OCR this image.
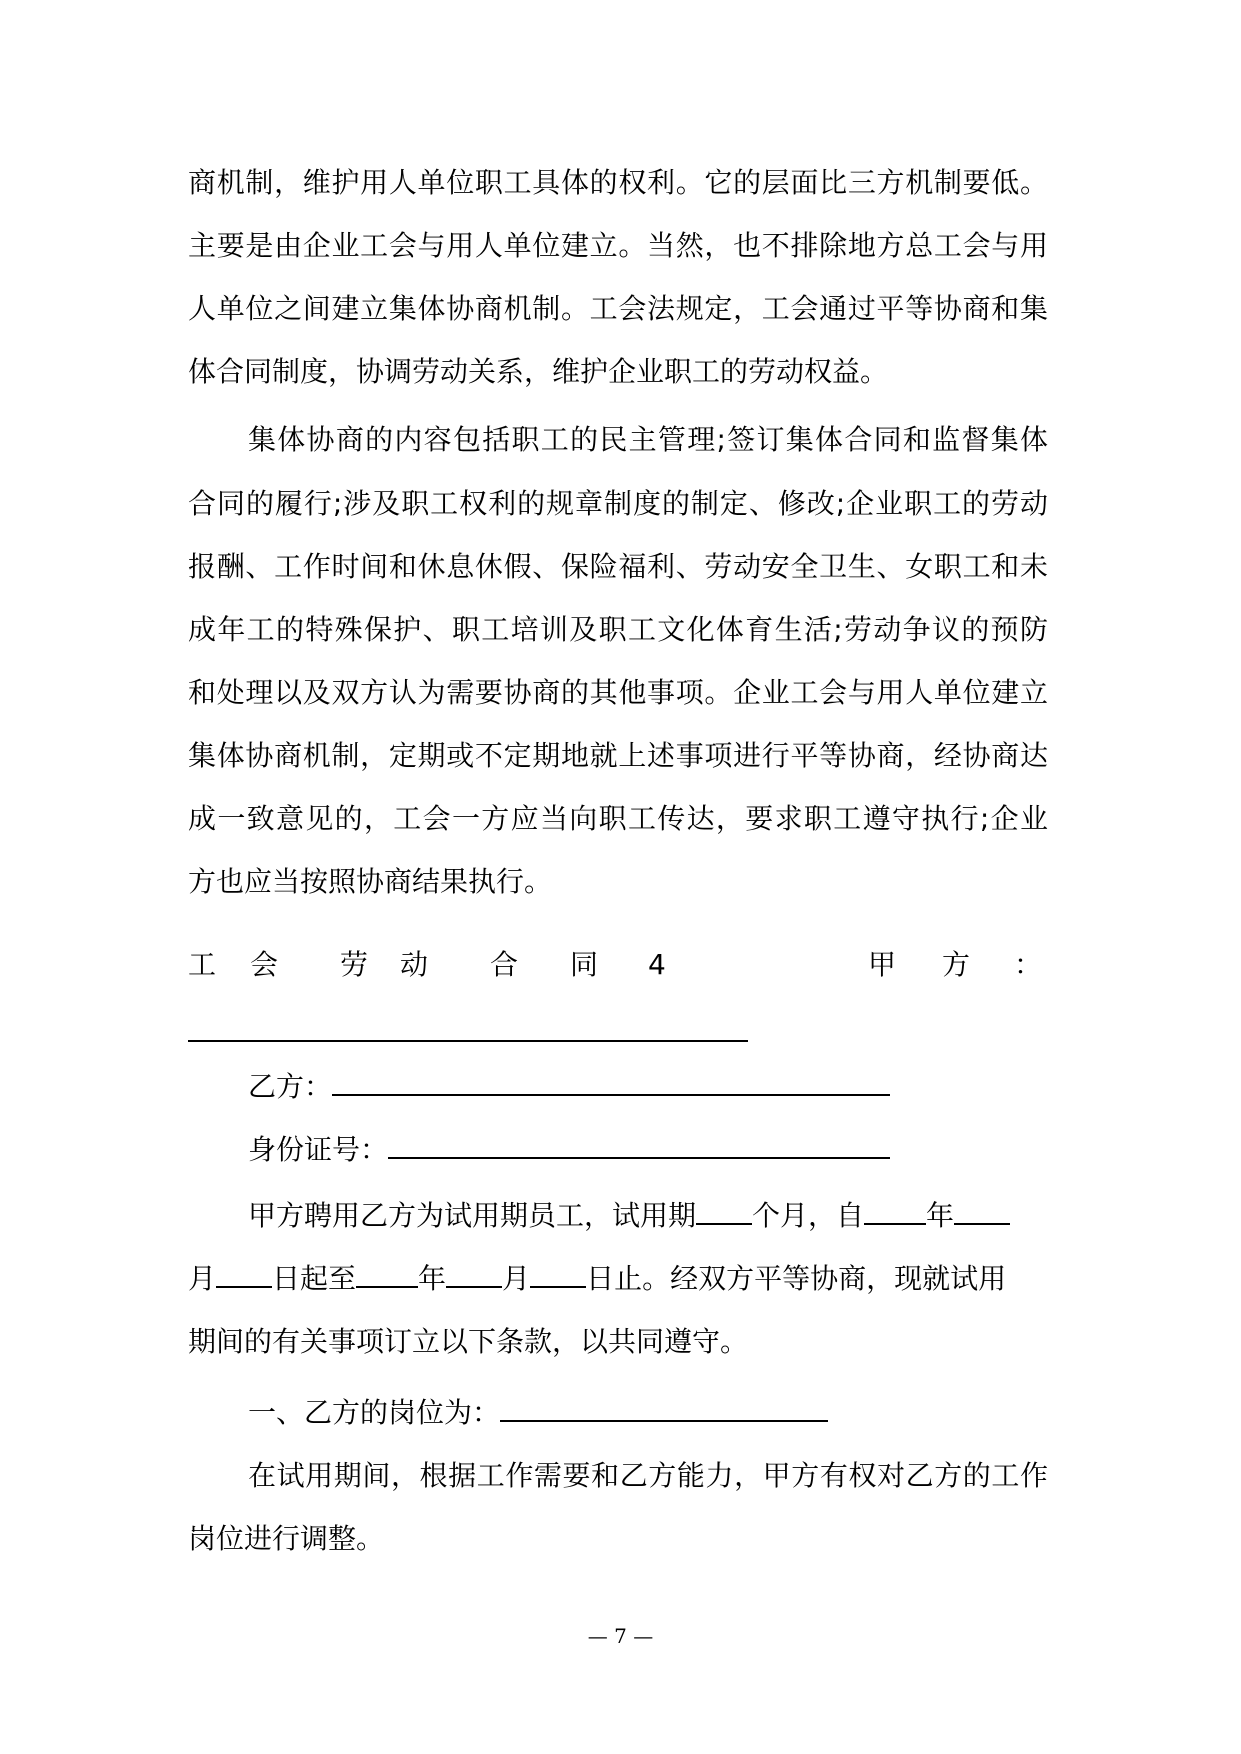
商机制，维护用人单位职工具体的权利。它的层面比三方机制要低。
主要是由企业工会与用人单位建立。当然，也不排除地方总工会与用
人单位之间建立集体协商机制。工会法规定，工会通过平等协商和集
体合同制度，协调劳动关系，维护企业职工的劳动权益。
集体协商的内容包括职工的民主管理;签订集体合同和监督集体
合同的履行;涉及职工权利的规章制度的制定、修改;企业职工的劳动
报酬、工作时间和休息休假、保险福利、劳动安全卫生、女职工和未
成年工的特殊保护、职工培训及职工文化体育生活;劳动争议的预防
和处理以及双方认为需要协商的其他事项。企业工会与用人单位建立
集体协商机制，定期或不定期地就上述事项进行平等协商，经协商达
成一致意见的，工会一方应当向职工传达，要求职工遵守执行;企业
方也应当按照协商结果执行。
工 会 劳 动 合 同 4	甲 方 ：
乙方：
身份证号：
甲方聘用乙方为试用期员工，试用期 个月，自 年
月 日起至 年 月 日止。经双方平等协商，现就试用
期间的有关事项订立以下条款，以共同遵守。
一、乙方的岗位为：
在试用期间，根据工作需要和乙方能力，甲方有权对乙方的工作
岗位进行调整。
— 7 —
